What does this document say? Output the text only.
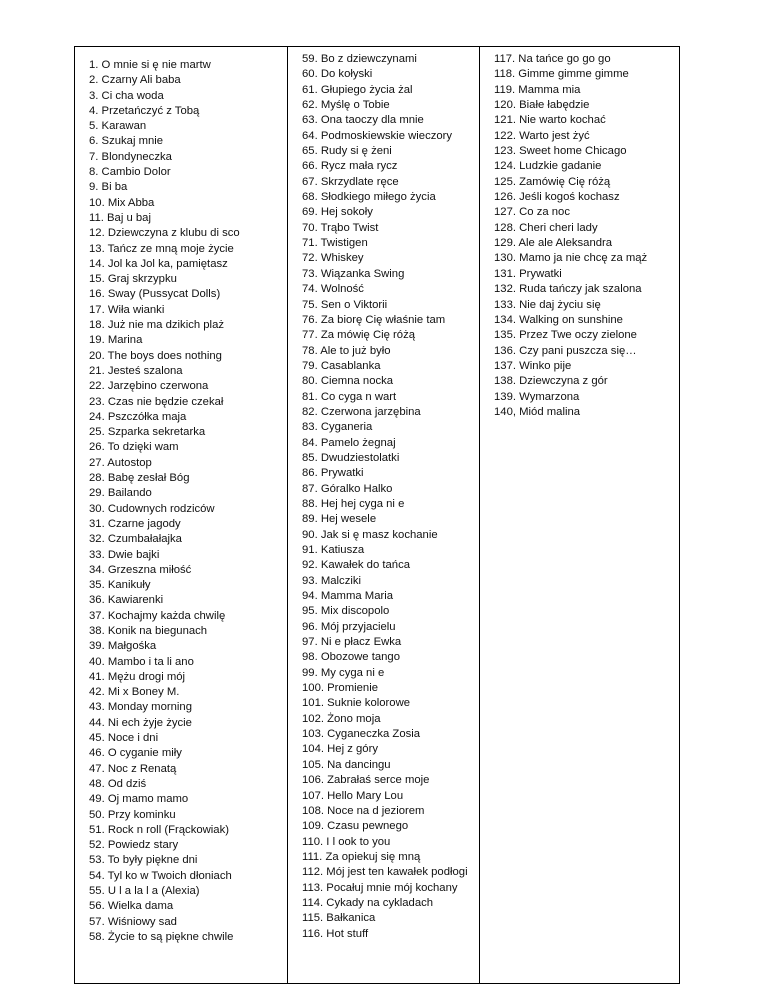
1. O mnie si ę nie martw
2. Czarny Ali baba
3. Ci cha woda
4. Przetańczyć z Tobą
5. Karawan
6. Szukaj mnie
7. Blondyneczka
8. Cambio Dolor
9. Bi ba
10. Mix Abba
11. Baj u baj
12. Dziewczyna z klubu di sco
13. Tańcz ze mną moje życie
14. Jol ka Jol ka, pamiętasz
15. Graj skrzypku
16. Sway (Pussycat Dolls)
17. Wiła wianki
18. Już nie ma dzikich plaż
19. Marina
20. The boys does nothing
21. Jesteś szalona
22. Jarzębino czerwona
23. Czas nie będzie czekał
24. Pszczółka maja
25. Szparka sekretarka
26. To dzięki wam
27. Autostop
28. Babę zesłał Bóg
29. Bailando
30. Cudownych rodziców
31. Czarne jagody
32. Czumbałałajka
33. Dwie bajki
34. Grzeszna miłość
35. Kanikuły
36. Kawiarenki
37. Kochajmy każda chwilę
38. Konik na biegunach
39. Małgośka
40. Mambo i ta li ano
41. Mężu drogi mój
42. Mi x Boney M.
43. Monday morning
44. Ni ech żyje życie
45. Noce i dni
46. O cyganie miły
47. Noc z Renatą
48. Od dziś
49. Oj mamo mamo
50. Przy kominku
51. Rock n roll (Frąckowiak)
52. Powiedz stary
53. To były piękne dni
54. Tyl ko w Twoich dłoniach
55. U l a la l a (Alexia)
56. Wielka dama
57. Wiśniowy sad
58. Życie to są piękne chwile
59. Bo z dziewczynami
60. Do kołyski
61. Głupiego życia żal
62. Myślę o Tobie
63. Ona taoczy dla mnie
64. Podmoskiewskie wieczory
65. Rudy si ę żeni
66. Rycz mała rycz
67. Skrzydlate ręce
68. Słodkiego miłego życia
69. Hej sokoły
70. Trąbo Twist
71. Twistigen
72. Whiskey
73. Wiązanka Swing
74. Wolność
75. Sen o Viktorii
76. Za biorę Cię właśnie tam
77. Za mówię Cię różą
78. Ale to już było
79. Casablanka
80. Ciemna nocka
81. Co cyga n wart
82. Czerwona jarzębina
83. Cyganeria
84. Pamelo żegnaj
85. Dwudziestolatki
86. Prywatki
87. Góralko Halko
88. Hej hej cyga ni e
89. Hej wesele
90. Jak si ę masz kochanie
91. Katiusza
92. Kawałek do tańca
93. Malcziki
94. Mamma Maria
95. Mix discopolo
96. Mój przyjacielu
97. Ni e płacz Ewka
98. Obozowe tango
99. My cyga ni e
100. Promienie
101. Suknie kolorowe
102. Żono moja
103. Cyganeczka Zosia
104. Hej z góry
105. Na dancingu
106. Zabrałaś serce moje
107. Hello Mary Lou
108. Noce na d jeziorem
109. Czasu pewnego
110. I l ook to you
111. Za opiekuj się mną
112. Mój jest ten kawałek podłogi
113. Pocałuj mnie mój kochany
114. Cykady na cykladach
115. Bałkanica
116. Hot stuff
117. Na tańce go go go
118. Gimme gimme gimme
119. Mamma mia
120. Białe łabędzie
121. Nie warto kochać
122. Warto jest żyć
123. Sweet home Chicago
124. Ludzkie gadanie
125. Zamówię Cię różą
126. Jeśli kogoś kochasz
127. Co za noc
128. Cheri cheri lady
129. Ale ale Aleksandra
130. Mamo ja nie chcę za mąż
131. Prywatki
132. Ruda tańczy jak szalona
133. Nie daj życiu się
134. Walking on sunshine
135. Przez Twe oczy zielone
136. Czy pani puszcza się…
137. Winko pije
138. Dziewczyna z gór
139. Wymarzona
140, Miód malina
